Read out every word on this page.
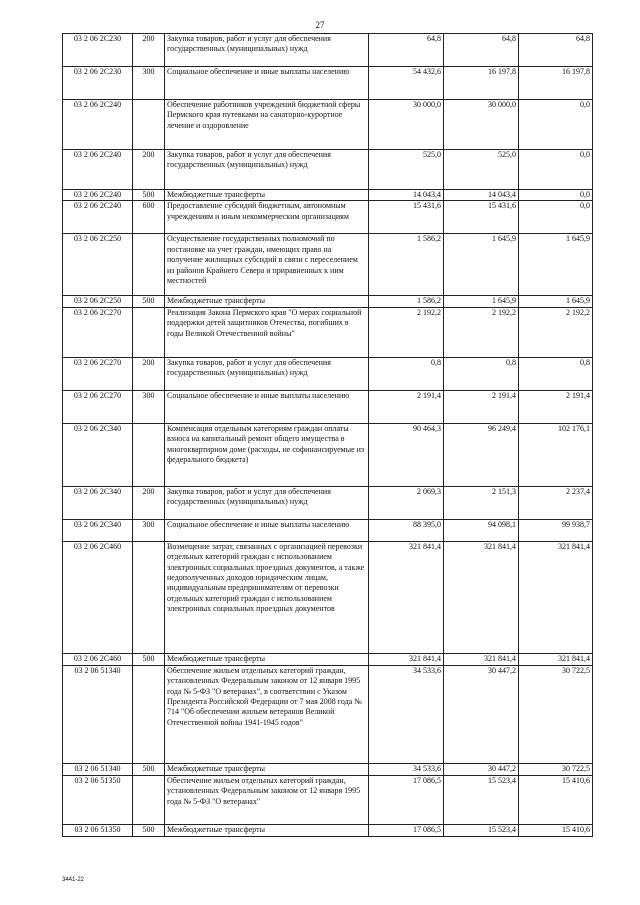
27
03 2 06 2С230	200	Закупка товаров, работ и услуг для обеспечения государственных (муниципальных) нужд	64,8	64,8	64,8
03 2 06 2С230	300	Социальное обеспечение и иные выплаты населению	54 432,6	16 197,8	16 197,8
03 2 06 2С240		Обеспечение работников учреждений бюджетной сферы Пермского края путевками на санаторно-курортное лечение и оздоровление	30 000,0	30 000,0	0,0
03 2 06 2С240	200	Закупка товаров, работ и услуг для обеспечения государственных (муниципальных) нужд	525,0	525,0	0,0
03 2 06 2С240	500	Межбюджетные трансферты	14 043,4	14 043,4	0,0
03 2 06 2С240	600	Предоставление субсидий бюджетным, автономным учреждениям и иным некоммерческим организациям	15 431,6	15 431,6	0,0
03 2 06 2С250		Осуществление государственных полномочий по постановке на учет граждан, имеющих право на получение жилищных субсидий в связи с переселением из районов Крайнего Севера и приравненных к ним местностей	1 586,2	1 645,9	1 645,9
03 2 06 2С250	500	Межбюджетные трансферты	1 586,2	1 645,9	1 645,9
03 2 06 2С270		Реализация Закона Пермского края "О мерах социальной поддержки детей защитников Отечества, погибших в годы Великой Отечественной войны"	2 192,2	2 192,2	2 192,2
03 2 06 2С270	200	Закупка товаров, работ и услуг для обеспечения государственных (муниципальных) нужд	0,8	0,8	0,8
03 2 06 2С270	300	Социальное обеспечение и иные выплаты населению	2 191,4	2 191,4	2 191,4
03 2 06 2С340		Компенсация отдельным категориям граждан оплаты взноса на капитальный ремонт общего имущества в многоквартирном доме (расходы, не софинансируемые из федерального бюджета)	90 464,3	96 249,4	102 176,1
03 2 06 2С340	200	Закупка товаров, работ и услуг для обеспечения государственных (муниципальных) нужд	2 069,3	2 151,3	2 237,4
03 2 06 2С340	300	Социальное обеспечение и иные выплаты населению	88 395,0	94 098,1	99 938,7
03 2 06 2С460		Возмещение затрат, связанных с организацией перевозки отдельных категорий граждан с использованием электронных социальных проездных документов, а также недополученных доходов юридическим лицам, индивидуальным предпринимателям от перевозки отдельных категорий граждан с использованием электронных социальных проездных документов	321 841,4	321 841,4	321 841,4
03 2 06 2С460	500	Межбюджетные трансферты	321 841,4	321 841,4	321 841,4
03 2 06 51340		Обеспечение жильем отдельных категорий граждан, установленных Федеральным законом от 12 января 1995 года № 5-ФЗ "О ветеранах", в соответствии с Указом Президента Российской Федерации от 7 мая 2008 года № 714 "Об обеспечении жильем ветеранов Великой Отечественной войны 1941-1945 годов"	34 533,6	30 447,2	30 722,5
03 2 06 51340	500	Межбюджетные трансферты	34 533,6	30 447,2	30 722,5
03 2 06 51350		Обеспечение жильем отдельных категорий граждан, установленных Федеральным законом от 12 января 1995 года № 5-ФЗ "О ветеранах"	17 086,5	15 523,4	15 410,6
03 2 06 51350	500	Межбюджетные трансферты	17 086,5	15 523,4	15 410,6
3441-22
